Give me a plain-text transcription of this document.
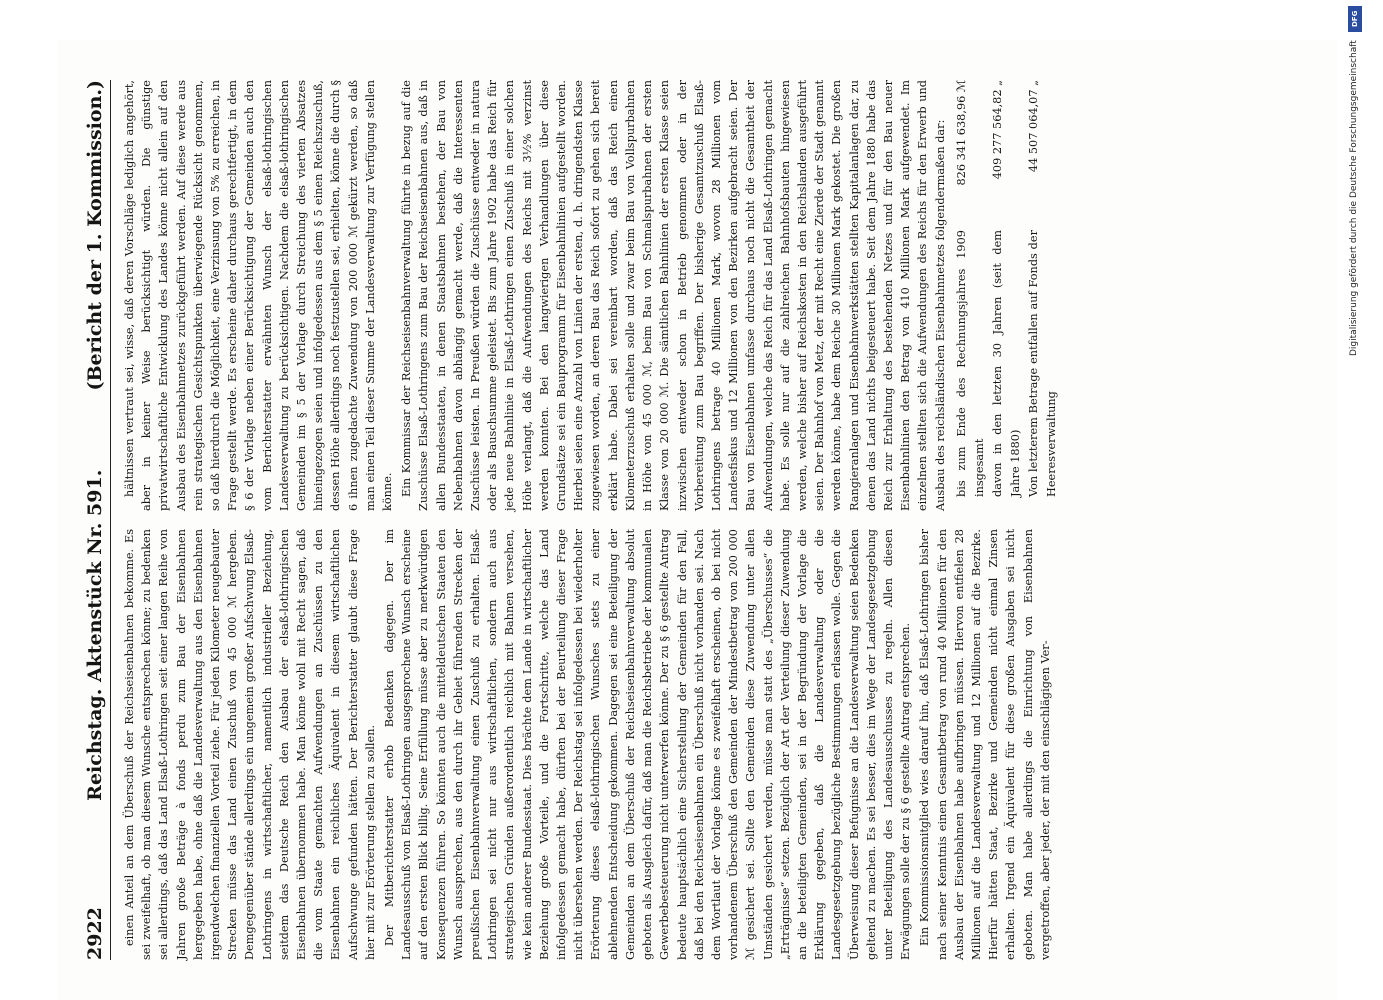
2922
Reichstag. Aktenstück Nr. 591.
(Bericht der 1. Kommission.)

einen Anteil an dem Überschuß der Reichseisenbahnen bekomme. Es sei zweifelhaft, ob man diesem Wunsche entsprechen könne; zu bedenken sei allerdings, daß das Land Elsaß-Lothringen seit einer langen Reihe von Jahren große Beträge à fonds perdu zum Bau der Eisenbahnen hergegeben habe, ohne daß die Landesverwaltung aus den Eisenbahnen irgendwelchen finanziellen Vorteil ziehe. Für jeden Kilometer neugebauter Strecken müsse das Land einen Zuschuß von 45 000 ℳ hergeben. Demgegenüber stände allerdings ein ungemein großer Aufschwung Elsaß-Lothringens in wirtschaftlicher, namentlich industrieller Beziehung, seitdem das Deutsche Reich den Ausbau der elsaß-lothringischen Eisenbahnen übernommen habe. Man könne wohl mit Recht sagen, daß die vom Staate gemachten Aufwendungen an Zuschüssen zu den Eisenbahnen ein reichliches Äquivalent in diesem wirtschaftlichen Aufschwunge gefunden hätten. Der Berichterstatter glaubt diese Frage hier mit zur Erörterung stellen zu sollen. Der Mitberichterstatter erhob Bedenken dagegen. Der im Landesausschuß von Elsaß-Lothringen ausgesprochene Wunsch erscheine auf den ersten Blick billig. Seine Erfüllung müsse aber zu merkwürdigen Konsequenzen führen. So könnten auch die mitteldeutschen Staaten den Wunsch aussprechen, aus den durch ihr Gebiet führenden Strecken der preußischen Eisenbahnverwaltung einen Zuschuß zu erhalten. Elsaß-Lothringen sei nicht nur aus wirtschaftlichen, sondern auch aus strategischen Gründen außerordentlich reichlich mit Bahnen versehen, wie kein anderer Bundesstaat. Dies brächte dem Lande in wirtschaftlicher Beziehung große Vorteile, und die Fortschritte, welche das Land infolgedessen gemacht habe, dürften bei der Beurteilung dieser Frage nicht übersehen werden. Der Reichstag sei infolgedessen bei wiederholter Erörterung dieses elsaß-lothringischen Wunsches stets zu einer ablehnenden Entscheidung gekommen. Dagegen sei eine Beteiligung der Gemeinden an dem Überschuß der Reichseisenbahnverwaltung absolut geboten als Ausgleich dafür, daß man die Reichsbetriebe der kommunalen Gewerbebesteuerung nicht unterwerfen könne. Der zu § 6 gestellte Antrag bedeute hauptsächlich eine Sicherstellung der Gemeinden für den Fall, daß bei den Reichseisenbahnen ein Überschuß nicht vorhanden sei. Nach dem Wortlaut der Vorlage könne es zweifelhaft erscheinen, ob bei nicht vorhandenem Überschuß den Gemeinden der Mindestbetrag von 200 000 ℳ gesichert sei. Sollte den Gemeinden diese Zuwendung unter allen Umständen gesichert werden, müsse man statt des „Überschusses“ die „Erträgnisse“ setzen. Bezüglich der Art der Verteilung dieser Zuwendung an die beteiligten Gemeinden, sei in der Begründung der Vorlage die Erklärung gegeben, daß die Landesverwaltung oder die Landesgesetzgebung bezügliche Bestimmungen erlassen wolle. Gegen die Überweisung dieser Befugnisse an die Landesverwaltung seien Bedenken geltend zu machen. Es sei besser, dies im Wege der Landesgesetzgebung unter Beteiligung des Landesausschusses zu regeln. Allen diesen Erwägungen solle der zu § 6 gestellte Antrag entsprechen. Ein Kommissionsmitglied wies darauf hin, daß Elsaß-Lothringen bisher nach seiner Kenntnis einen Gesamtbetrag von rund 40 Millionen für den Ausbau der Eisenbahnen habe aufbringen müssen. Hiervon entfielen 28 Millionen auf die Landesverwaltung und 12 Millionen auf die Bezirke. Hierfür hätten Staat, Bezirke und Gemeinden nicht einmal Zinsen erhalten. Irgend ein Äquivalent für diese großen Ausgaben sei nicht geboten. Man habe allerdings die Einrichtung von Eisenbahnen vergetroffen, aber jeder, der mit den einschlägigen Ver-

hältnissen vertraut sei, wisse, daß deren Vorschläge lediglich angehört, aber in keiner Weise berücksichtigt würden. Die günstige privatwirtschaftliche Entwicklung des Landes könne nicht allein auf den Ausbau des Eisenbahnnetzes zurückgeführt werden. Auf diese werde aus rein strategischen Gesichtspunkten überwiegende Rücksicht genommen, so daß hierdurch die Möglichkeit, eine Verzinsung von 5% zu erreichen, in Frage gestellt werde. Es erscheine daher durchaus gerechtfertigt, in dem § 6 der Vorlage neben einer Berücksichtigung der Gemeinden auch den vom Berichterstatter erwähnten Wunsch der elsaß-lothringischen Landesverwaltung zu berücksichtigen. Nachdem die elsaß-lothringischen Gemeinden im § 5 der Vorlage durch Streichung des vierten Absatzes hineingezogen seien und infolgedessen aus dem § 5 einen Reichszuschuß, dessen Höhe allerdings noch festzustellen sei, erhielten, könne die durch § 6 ihnen zugedachte Zuwendung von 200 000 ℳ gekürzt werden, so daß man einen Teil dieser Summe der Landesverwaltung zur Verfügung stellen könne. Ein Kommissar der Reichseisenbahnverwaltung führte in bezug auf die Zuschüsse Elsaß-Lothringens zum Bau der Reichseisenbahnen aus, daß in allen Bundesstaaten, in denen Staatsbahnen bestehen, der Bau von Nebenbahnen davon abhängig gemacht werde, daß die Interessenten Zuschüsse leisten. In Preußen würden die Zuschüsse entweder in natura oder als Bauschsumme geleistet. Bis zum Jahre 1902 habe das Reich für jede neue Bahnlinie in Elsaß-Lothringen einen Zuschuß in einer solchen Höhe verlangt, daß die Aufwendungen des Reichs mit 3½% verzinst werden konnten. Bei den langwierigen Verhandlungen über diese Grundsätze sei ein Bauprogramm für Eisenbahnlinien aufgestellt worden. Hierbei seien eine Anzahl von Linien der ersten, d. h. dringendsten Klasse zugewiesen worden, an deren Bau das Reich sofort zu gehen sich bereit erklärt habe. Dabei sei vereinbart worden, daß das Reich einen Kilometerzuschuß erhalten solle und zwar beim Bau von Vollspurbahnen in Höhe von 45 000 ℳ, beim Bau von Schmalspurbahnen der ersten Klasse von 20 000 ℳ. Die sämtlichen Bahnlinien der ersten Klasse seien inzwischen entweder schon in Betrieb genommen oder in der Vorbereitung zum Bau begriffen. Der bisherige Gesamtzuschuß Elsaß-Lothringens betrage 40 Millionen Mark, wovon 28 Millionen vom Landesfiskus und 12 Millionen von den Bezirken aufgebracht seien. Der Bau von Eisenbahnen umfasse durchaus noch nicht die Gesamtheit der Aufwendungen, welche das Reich für das Land Elsaß-Lothringen gemacht habe. Es solle nur auf die zahlreichen Bahnhofsbauten hingewiesen werden, welche bisher auf Reichskosten in den Reichslanden ausgeführt seien. Der Bahnhof von Metz, der mit Recht eine Zierde der Stadt genannt werden könne, habe dem Reiche 30 Millionen Mark gekostet. Die großen Rangieranlagen und Eisenbahnwerkstätten stellten Kapitalanlagen dar, zu denen das Land nichts beigesteuert habe. Seit dem Jahre 1880 habe das Reich zur Erhaltung des bestehenden Netzes und für den Bau neuer Eisenbahnlinien den Betrag von 410 Millionen Mark aufgewendet. Im einzelnen stellten sich die Aufwendungen des Reichs für den Erwerb und Ausbau des reichsländischen Eisenbahnnetzes folgendermaßen dar: bis zum Ende des Rechnungsjahres 1909 insgesamt
826 341 638,96 ℳ
davon in den letzten 30 Jahren (seit dem Jahre 1880)
409 277 564,82 „
Von letzterem Betrage entfallen auf Fonds der Heeresverwaltung
44 507 064,07 „
DFG
Digitalisierung gefördert durch die Deutsche Forschungsgemeinschaft
